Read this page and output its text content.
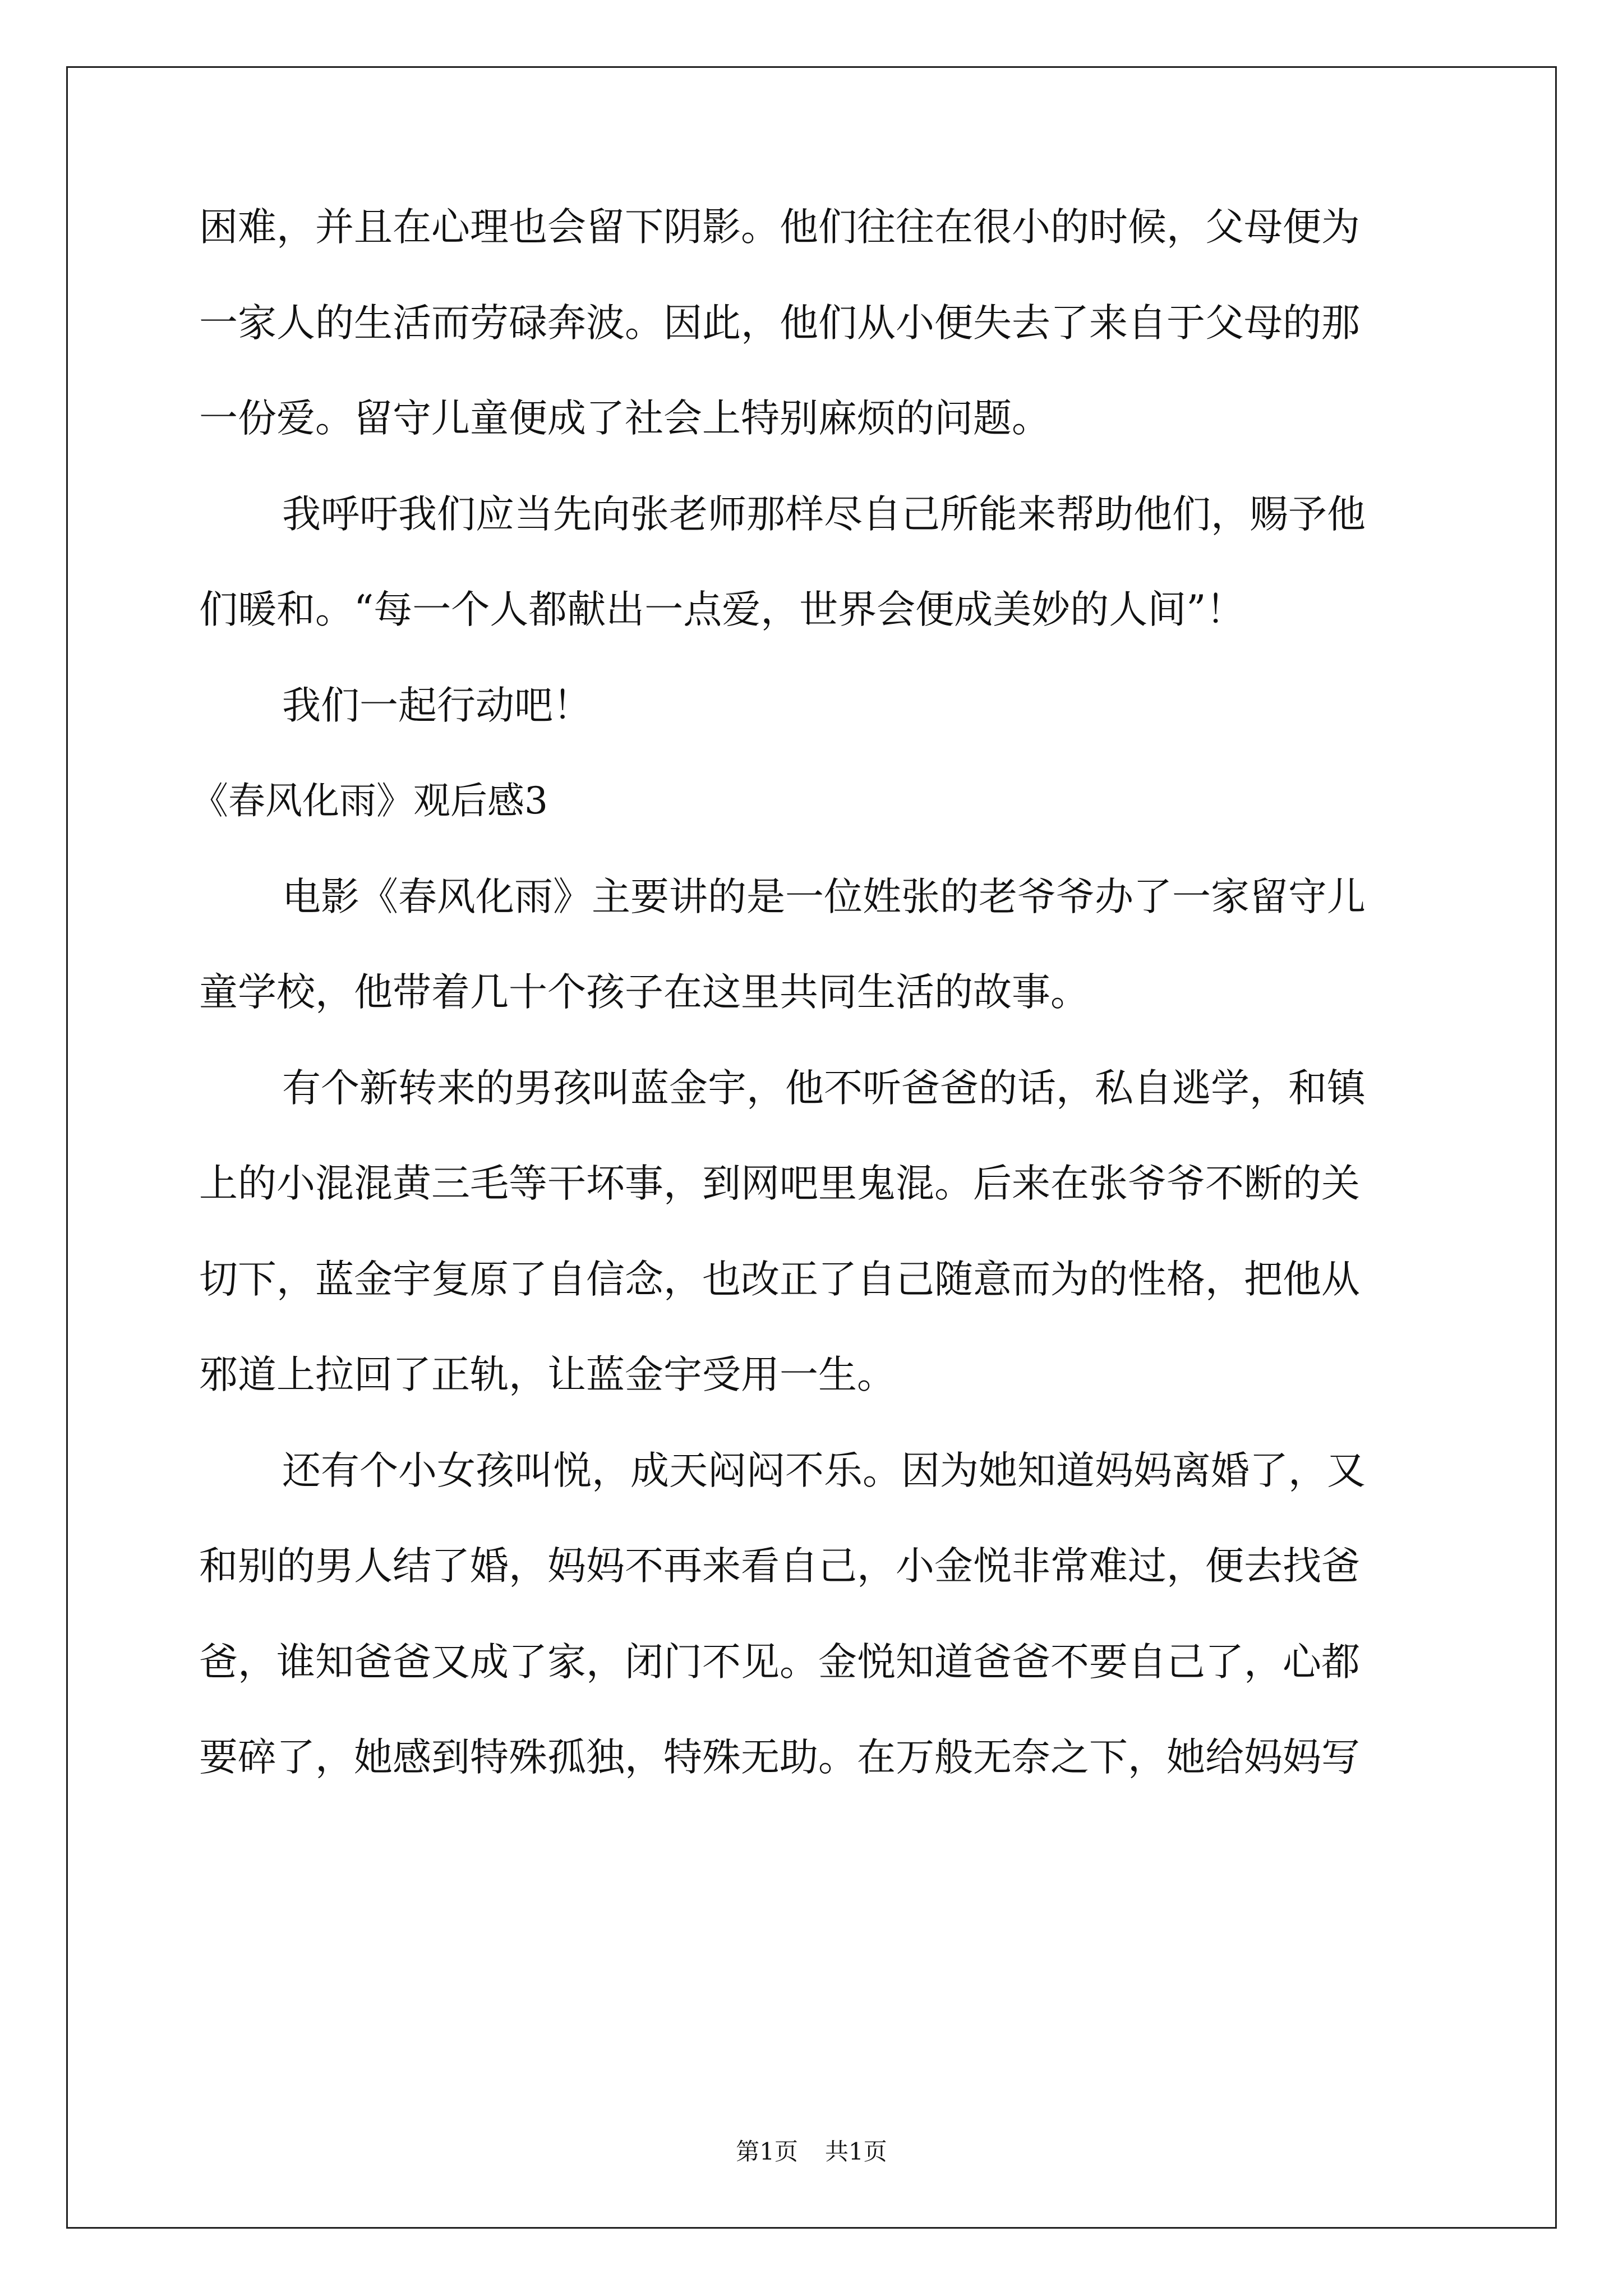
困难，并且在心理也会留下阴影。他们往往在很小的时候，父母便为
一家人的生活而劳碌奔波。因此，他们从小便失去了来自于父母的那
一份爱。留守儿童便成了社会上特别麻烦的问题。
我呼吁我们应当先向张老师那样尽自己所能来帮助他们，赐予他
们暖和。“每一个人都献出一点爱，世界会便成美妙的人间”！
我们一起行动吧！
《春风化雨》观后感3
电影《春风化雨》主要讲的是一位姓张的老爷爷办了一家留守儿
童学校，他带着几十个孩子在这里共同生活的故事。
有个新转来的男孩叫蓝金宇，他不听爸爸的话，私自逃学，和镇
上的小混混黄三毛等干坏事，到网吧里鬼混。后来在张爷爷不断的关
切下，蓝金宇复原了自信念，也改正了自己随意而为的性格，把他从
邪道上拉回了正轨，让蓝金宇受用一生。
还有个小女孩叫悦，成天闷闷不乐。因为她知道妈妈离婚了，又
和别的男人结了婚，妈妈不再来看自己，小金悦非常难过，便去找爸
爸，谁知爸爸又成了家，闭门不见。金悦知道爸爸不要自己了，心都
要碎了，她感到特殊孤独，特殊无助。在万般无奈之下，她给妈妈写
第1页 共1页
